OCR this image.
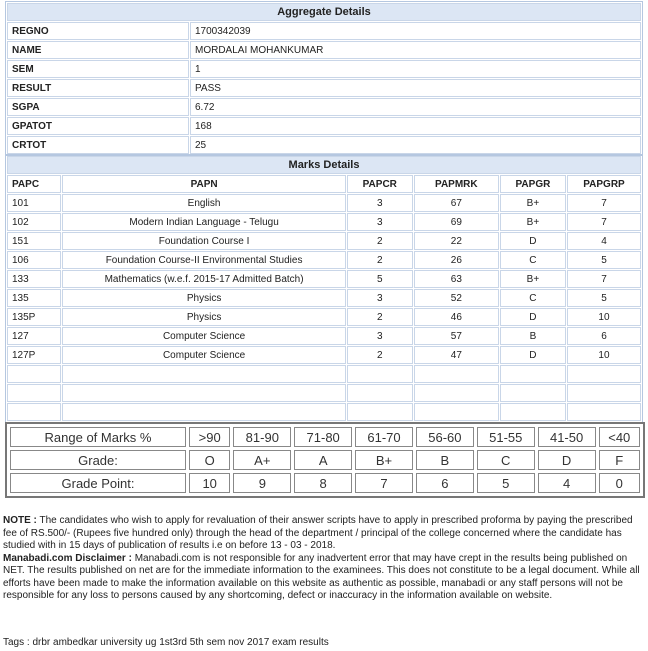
Aggregate Details	
REGNO	1700342039
NAME	MORDALAI MOHANKUMAR
SEM	1
RESULT	PASS
SGPA	6.72
GPATOT	168
CRTOT	25
Marks Details					
PAPC	PAPN	PAPCR	PAPMRK	PAPGR	PAPGRP
101	English	3	67	B+	7
102	Modern Indian Language - Telugu	3	69	B+	7
151	Foundation Course I	2	22	D	4
106	Foundation Course-II Environmental Studies	2	26	C	5
133	Mathematics (w.e.f. 2015-17 Admitted Batch)	5	63	B+	7
135	Physics	3	52	C	5
135P	Physics	2	46	D	10
127	Computer Science	3	57	B	6
127P	Computer Science	2	47	D	10

Range of Marks %	>90	81-90	71-80	61-70	56-60	51-55	41-50	<40
Grade:	O	A+	A	B+	B	C	D	F
Grade Point:	10	9	8	7	6	5	4	0

NOTE : The candidates who wish to apply for revaluation of their answer scripts have to apply in prescribed proforma by paying the prescribed fee of RS.500/- (Rupees five hundred only) through the head of the department / principal of the college concerned where the candidate has studied with in 15 days of publication of results i.e on before 13 - 03 - 2018.

Manabadi.com Disclaimer : Manabadi.com is not responsible for any inadvertent error that may have crept in the results being published on NET. The results published on net are for the immediate information to the examinees. This does not constitute to be a legal document. While all efforts have been made to make the information available on this website as authentic as possible, manabadi or any staff persons will not be responsible for any loss to persons caused by any shortcoming, defect or inaccuracy in the information available on website.

Tags : drbr ambedkar university ug 1st3rd 5th sem nov 2017 exam results
